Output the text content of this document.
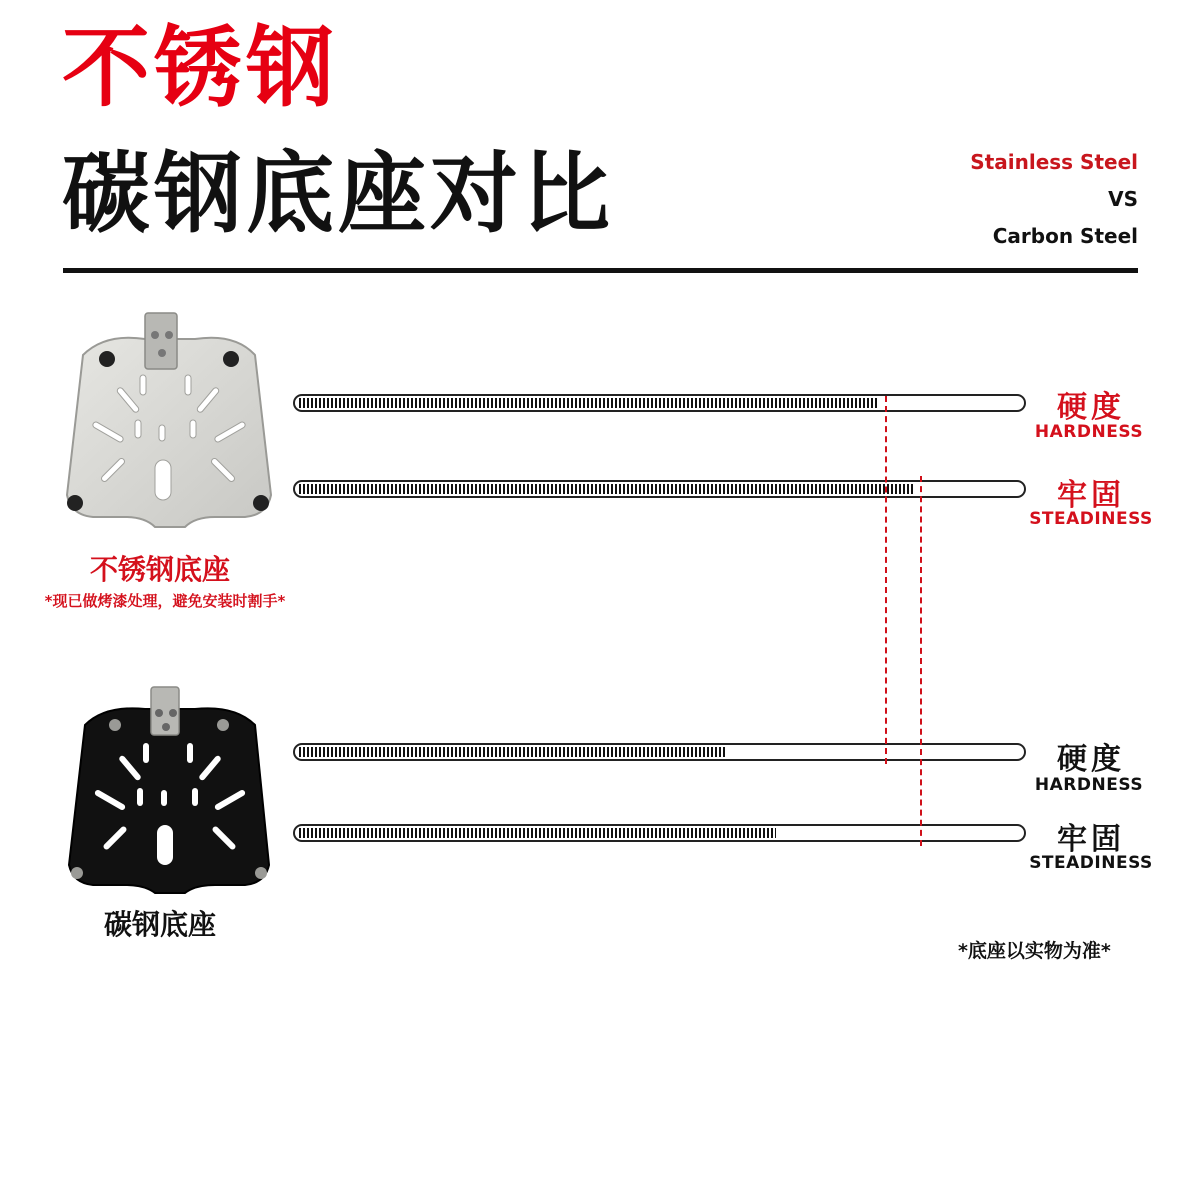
不锈钢
碳钢底座对比	Stainless Steel
VS
Carbon Steel
不锈钢底座
*现已做烤漆处理，避免安装时割手*
碳钢底座
硬度
HARDNESS
牢固
STEADINESS
硬度
HARDNESS
牢固
STEADINESS
*底座以实物为准*
